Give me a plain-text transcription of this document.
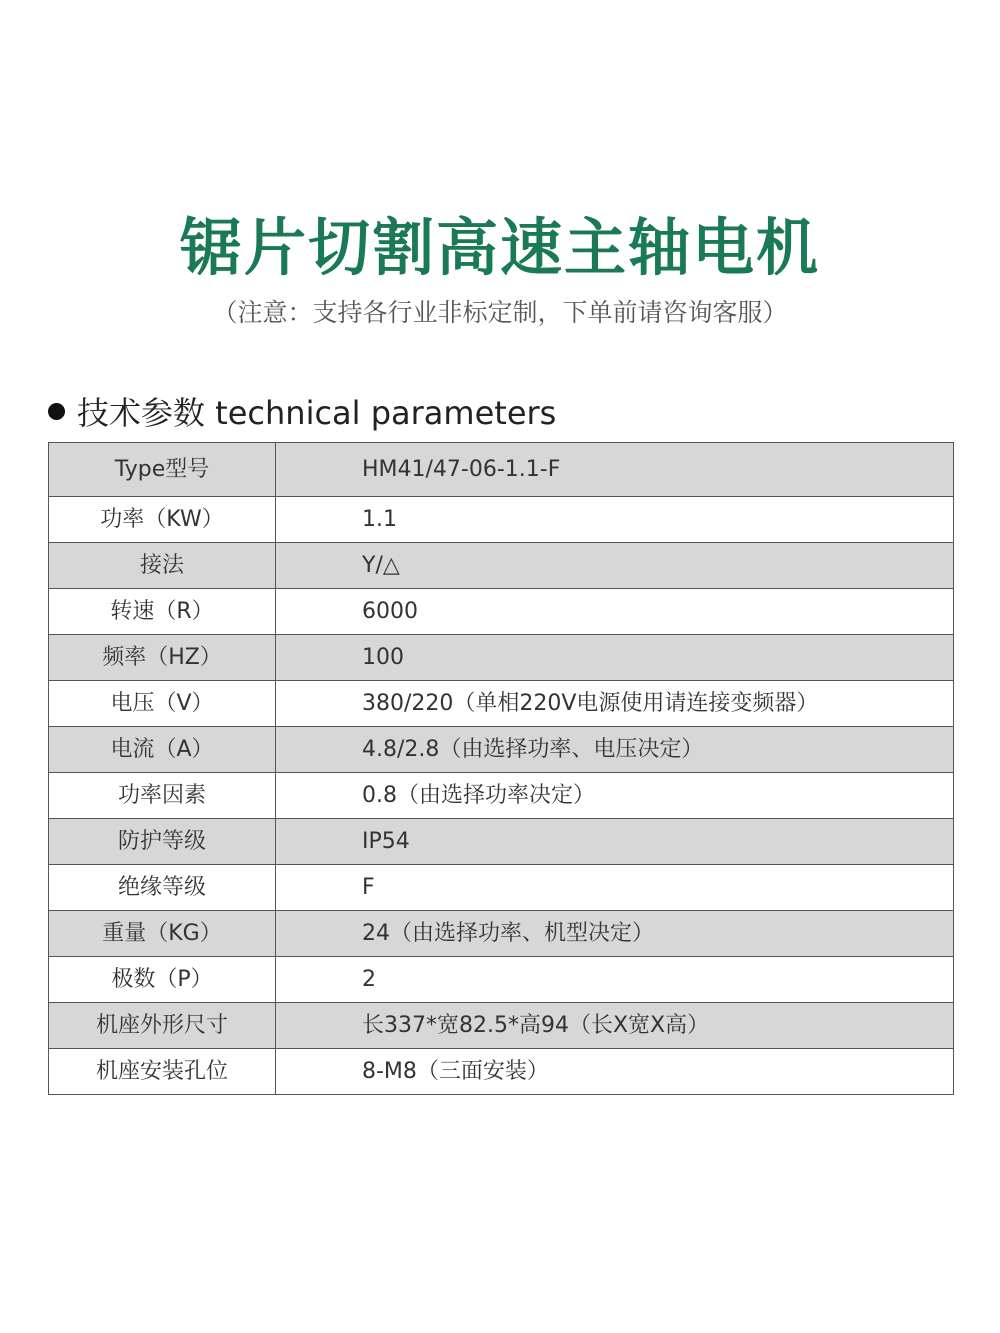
锯片切割高速主轴电机
（注意：支持各行业非标定制，下单前请咨询客服）
技术参数 technical parameters
Type型号	HM41/47-06-1.1-F
功率（KW）	1.1
接法	Y/△
转速（R）	6000
频率（HZ）	100
电压（V）	380/220（单相220V电源使用请连接变频器）
电流（A）	4.8/2.8（由选择功率、电压决定）
功率因素	0.8（由选择功率决定）
防护等级	IP54
绝缘等级	F
重量（KG）	24（由选择功率、机型决定）
极数（P）	2
机座外形尺寸	长337*宽82.5*高94（长X宽X高）
机座安装孔位	8-M8（三面安装）
